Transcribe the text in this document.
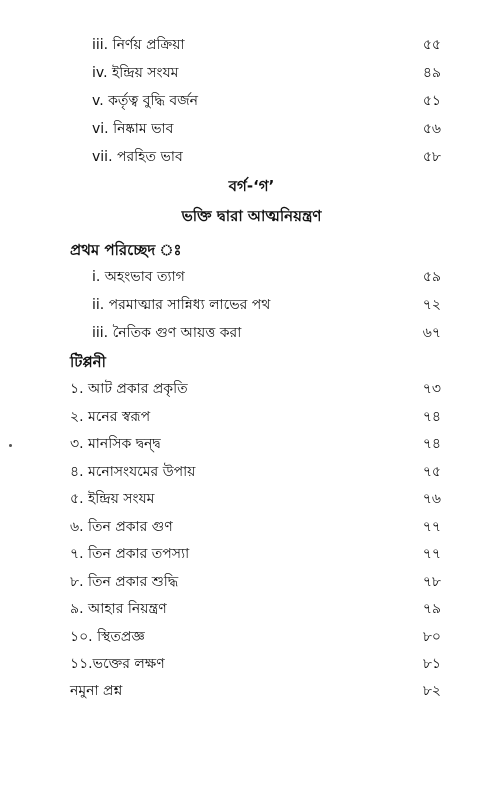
iii. নির্ণয় প্রক্রিয়া	৫৫
iv. ইন্দ্রিয় সংযম	৪৯
v. কর্তৃত্ব বুদ্ধি বর্জন	৫১
vi. নিষ্কাম ভাব	৫৬
vii. পরহিত ভাব	৫৮
বর্গ-‘গ’
ভক্তি দ্বারা আত্মনিয়ন্ত্রণ
প্রথম পরিচ্ছেদ ঃ
i. অহংভাব ত্যাগ	৫৯
ii. পরমাত্মার সান্নিধ্য লাভের পথ	৭২
iii. নৈতিক গুণ আয়ত্ত করা	৬৭
টিপ্পনী
১. আট প্রকার প্রকৃতি	৭৩
২. মনের স্বরূপ	৭৪
৩. মানসিক দ্বন্দ্ব	৭৪
৪. মনোসংযমের উপায়	৭৫
৫. ইন্দ্রিয় সংযম	৭৬
৬. তিন প্রকার গুণ	৭৭
৭. তিন প্রকার তপস্যা	৭৭
৮. তিন প্রকার শুদ্ধি	৭৮
৯. আহার নিয়ন্ত্রণ	৭৯
১০. স্থিতপ্রজ্ঞ	৮০
১১.ভক্তের লক্ষণ	৮১
নমুনা প্রশ্ন	৮২
